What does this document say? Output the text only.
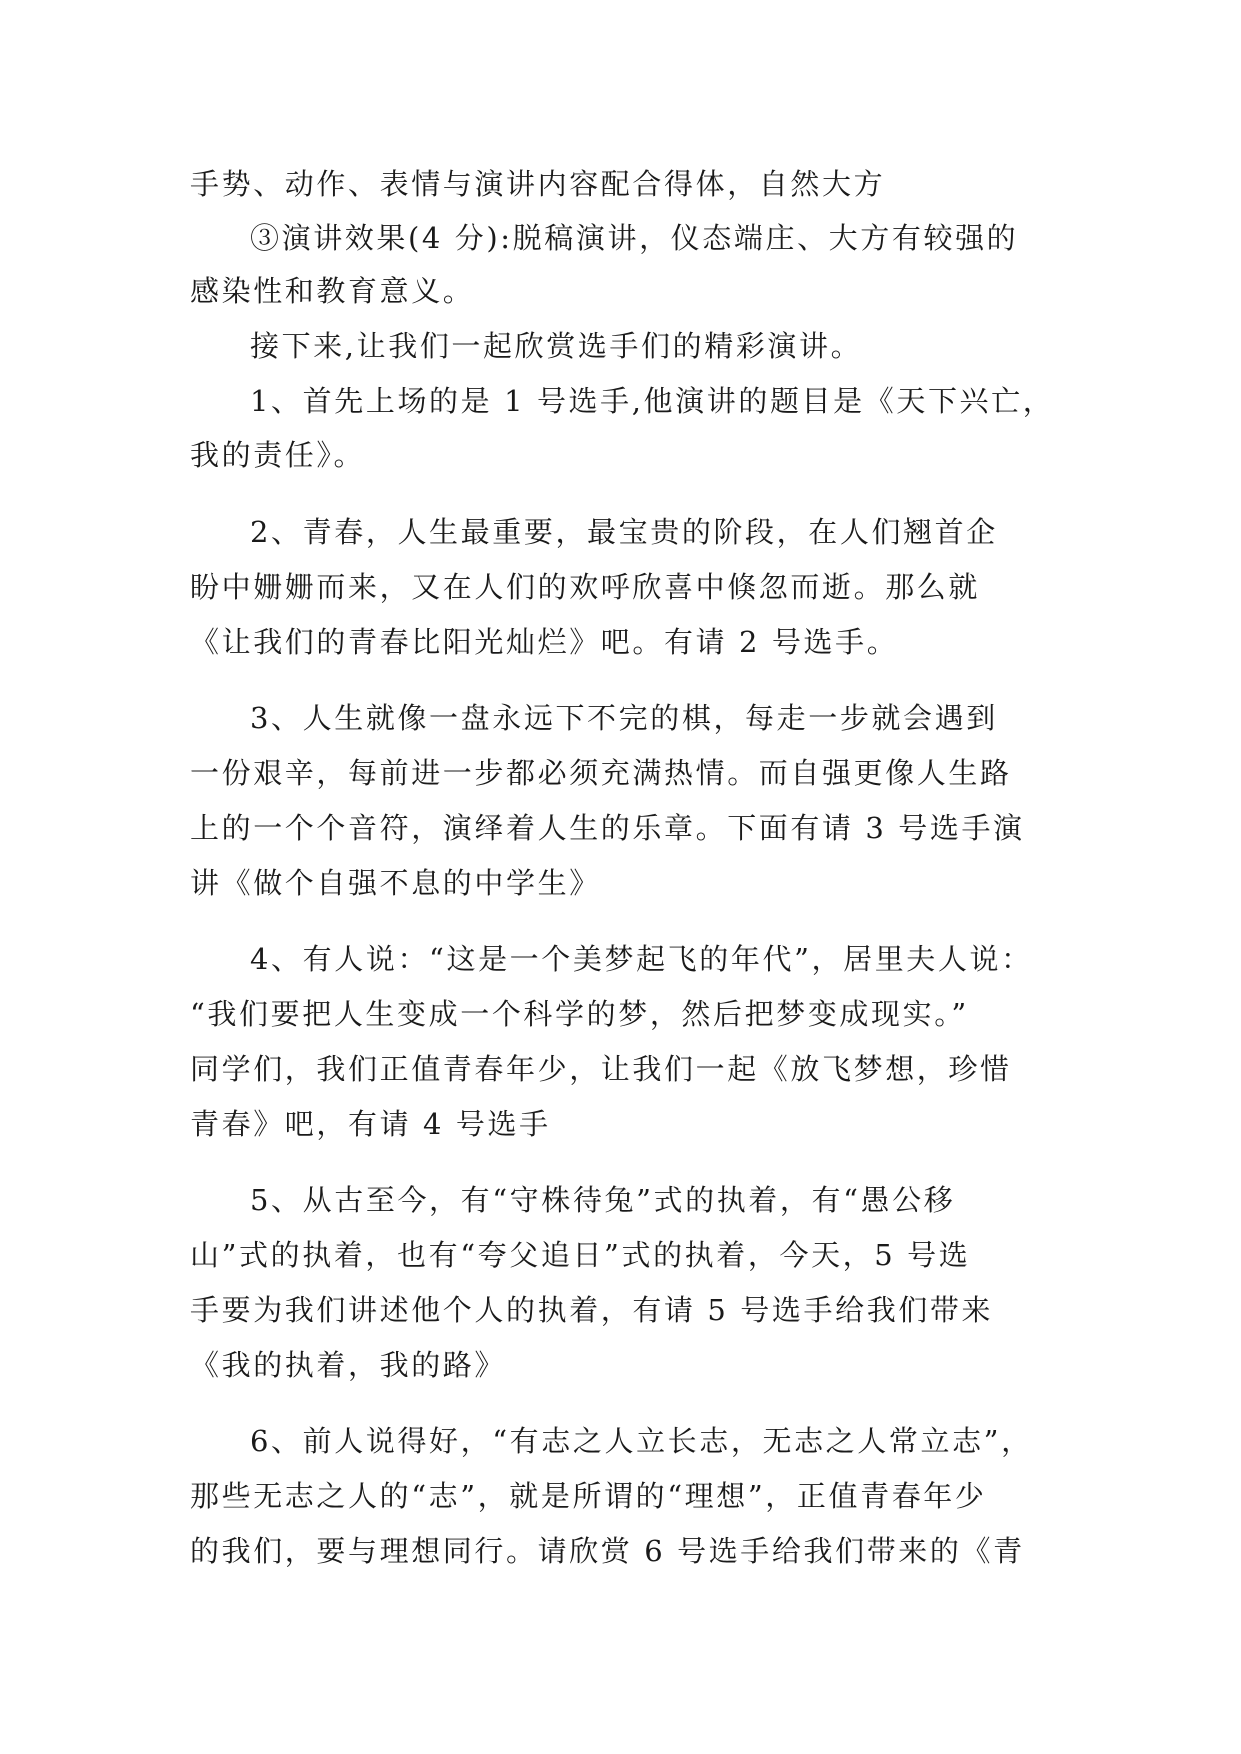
手势、动作、表情与演讲内容配合得体，自然大方
③演讲效果(4 分):脱稿演讲，仪态端庄、大方有较强的
感染性和教育意义。
接下来,让我们一起欣赏选手们的精彩演讲。
1、首先上场的是 1 号选手,他演讲的题目是《天下兴亡，
我的责任》。
2、青春，人生最重要，最宝贵的阶段，在人们翘首企
盼中姗姗而来，又在人们的欢呼欣喜中倏忽而逝。那么就
《让我们的青春比阳光灿烂》吧。有请 2 号选手。
3、人生就像一盘永远下不完的棋，每走一步就会遇到
一份艰辛，每前进一步都必须充满热情。而自强更像人生路
上的一个个音符，演绎着人生的乐章。下面有请 3 号选手演
讲《做个自强不息的中学生》
4、有人说：“这是一个美梦起飞的年代”，居里夫人说：
“我们要把人生变成一个科学的梦，然后把梦变成现实。”
同学们，我们正值青春年少，让我们一起《放飞梦想，珍惜
青春》吧，有请 4 号选手
5、从古至今，有“守株待兔”式的执着，有“愚公移
山”式的执着，也有“夸父追日”式的执着，今天，5 号选
手要为我们讲述他个人的执着，有请 5 号选手给我们带来
《我的执着，我的路》
6、前人说得好，“有志之人立长志，无志之人常立志”，
那些无志之人的“志”，就是所谓的“理想”，正值青春年少
的我们，要与理想同行。请欣赏 6 号选手给我们带来的《青
